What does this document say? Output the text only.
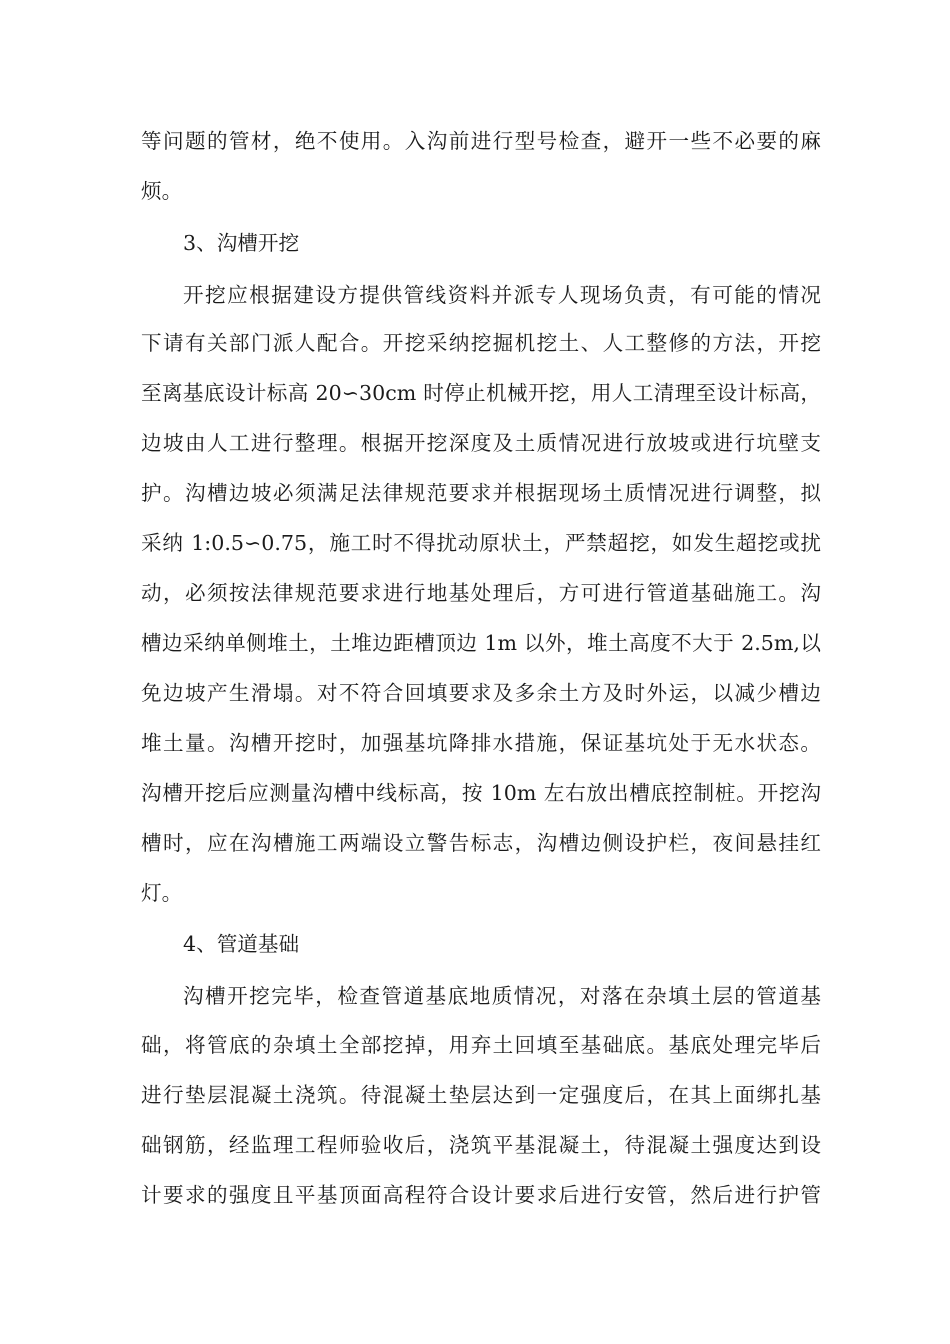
等问题的管材，绝不使用。入沟前进行型号检查，避开一些不必要的麻
烦。
3、沟槽开挖
开挖应根据建设方提供管线资料并派专人现场负责，有可能的情况
下请有关部门派人配合。开挖采纳挖掘机挖土、人工整修的方法，开挖
至离基底设计标高 20∽30cm 时停止机械开挖，用人工清理至设计标高，
边坡由人工进行整理。根据开挖深度及土质情况进行放坡或进行坑壁支
护。沟槽边坡必须满足法律规范要求并根据现场土质情况进行调整，拟
采纳 1:0.5∽0.75，施工时不得扰动原状土，严禁超挖，如发生超挖或扰
动，必须按法律规范要求进行地基处理后，方可进行管道基础施工。沟
槽边采纳单侧堆土，土堆边距槽顶边 1m 以外，堆土高度不大于 2.5m,以
免边坡产生滑塌。对不符合回填要求及多余土方及时外运，以减少槽边
堆土量。沟槽开挖时，加强基坑降排水措施，保证基坑处于无水状态。
沟槽开挖后应测量沟槽中线标高，按 10m 左右放出槽底控制桩。开挖沟
槽时，应在沟槽施工两端设立警告标志，沟槽边侧设护栏，夜间悬挂红
灯。
4、管道基础
沟槽开挖完毕，检查管道基底地质情况，对落在杂填土层的管道基
础，将管底的杂填土全部挖掉，用弃土回填至基础底。基底处理完毕后
进行垫层混凝土浇筑。待混凝土垫层达到一定强度后，在其上面绑扎基
础钢筋，经监理工程师验收后，浇筑平基混凝土，待混凝土强度达到设
计要求的强度且平基顶面高程符合设计要求后进行安管，然后进行护管
